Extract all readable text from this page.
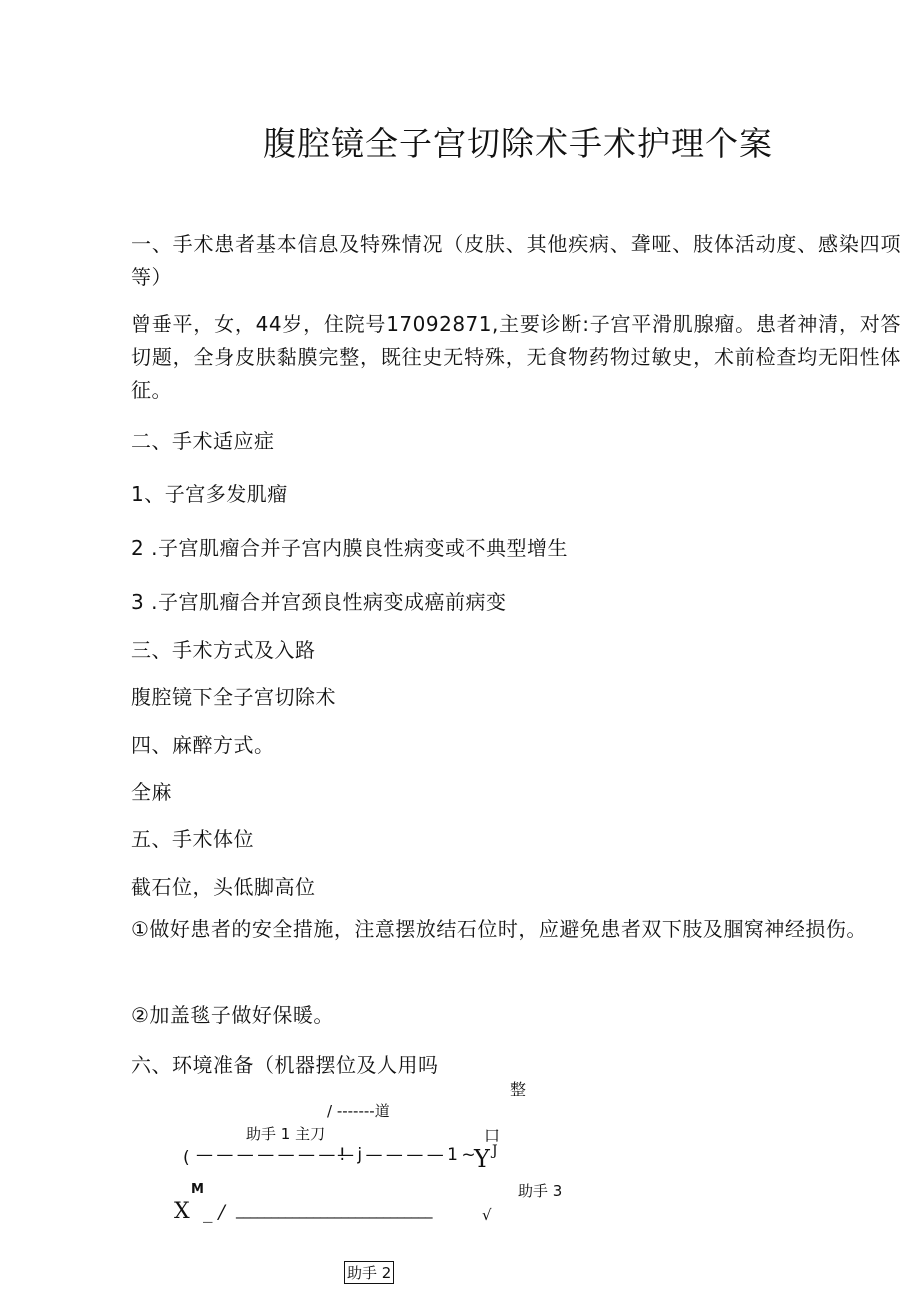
腹腔镜全子宫切除术手术护理个案
一、手术患者基本信息及特殊情况（皮肤、其他疾病、聋哑、肢体活动度、感染四项等）
曾垂平，女，44岁，住院号17092871,主要诊断:子宫平滑肌腺瘤。患者神清，对答切题，全身皮肤黏膜完整，既往史无特殊，无食物药物过敏史，术前检查均无阳性体征。
二、手术适应症
1、子宫多发肌瘤
2 .子宫肌瘤合并子宫内膜良性病变或不典型增生
3 .子宫肌瘤合并宫颈良性病变成癌前病变
三、手术方式及入路
腹腔镜下全子宫切除术
四、麻醉方式。
全麻
五、手术体位
截石位，头低脚高位
①做好患者的安全措施，注意摆放结石位时，应避免患者双下肢及腘窝神经损伤。
②加盖毯子做好保暖。
六、环境准备（机器摆位及人用吗
整
/ -------道
助手 1 主刀	口
( — — — — — — — !
— j — — — — 1 ~ Y J
M	助手 3
X _ / ____________________________	√
助手 2
